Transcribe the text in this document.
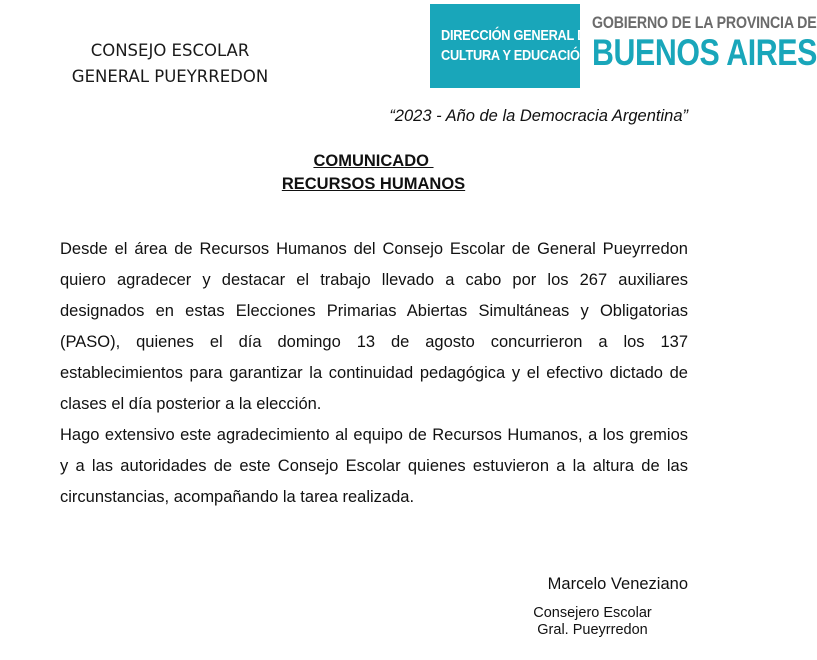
CONSEJO ESCOLAR
GENERAL PUEYRREDON
DIRECCIÓN GENERAL DE
CULTURA Y EDUCACIÓN
GOBIERNO DE LA PROVINCIA DE
BUENOS AIRES
“2023 - Año de la Democracia Argentina”
COMUNICADO
RECURSOS HUMANOS

Desde el área de Recursos Humanos del Consejo Escolar de General Pueyrredon quiero agradecer y destacar el trabajo llevado a cabo por los 267 auxiliares designados en estas Elecciones Primarias Abiertas Simultáneas y Obligatorias (PASO), quienes el día domingo 13 de agosto concurrieron a los 137 establecimientos para garantizar la continuidad pedagógica y el efectivo dictado de clases el día posterior a la elección.

Hago extensivo este agradecimiento al equipo de Recursos Humanos, a los gremios y a las autoridades de este Consejo Escolar quienes estuvieron a la altura de las circunstancias, acompañando la tarea realizada.

Marcelo Veneziano
Consejero Escolar
Gral. Pueyrredon
